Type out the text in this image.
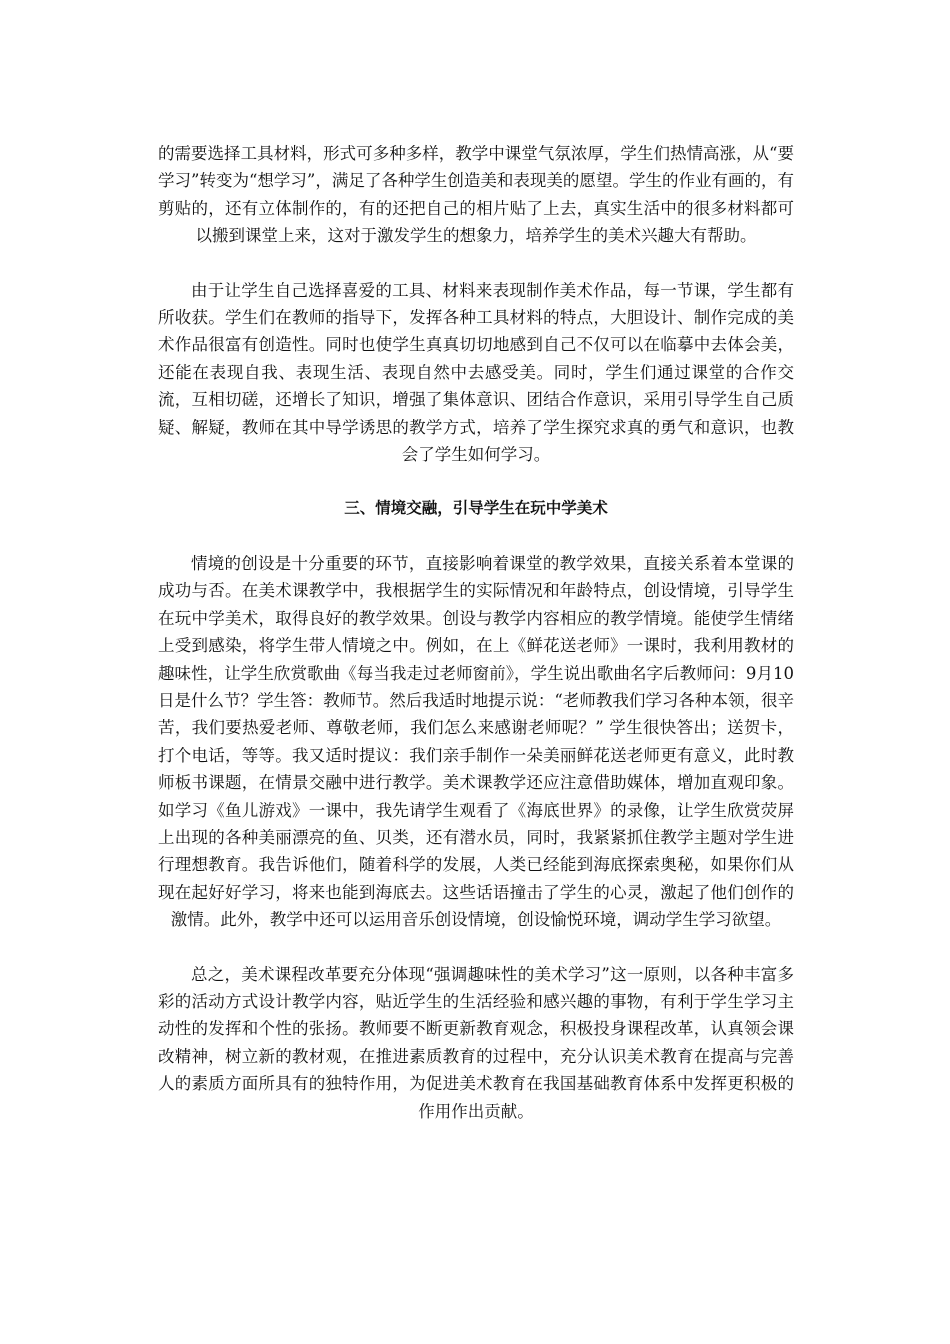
的需要选择工具材料，形式可多种多样，教学中课堂气氛浓厚，学生们热情高涨，从“要学习”转变为“想学习”，满足了各种学生创造美和表现美的愿望。学生的作业有画的，有剪贴的，还有立体制作的，有的还把自己的相片贴了上去，真实生活中的很多材料都可以搬到课堂上来，这对于激发学生的想象力，培养学生的美术兴趣大有帮助。

由于让学生自己选择喜爱的工具、材料来表现制作美术作品，每一节课，学生都有所收获。学生们在教师的指导下，发挥各种工具材料的特点，大胆设计、制作完成的美术作品很富有创造性。同时也使学生真真切切地感到自己不仅可以在临摹中去体会美，还能在表现自我、表现生活、表现自然中去感受美。同时，学生们通过课堂的合作交流，互相切磋，还增长了知识，增强了集体意识、团结合作意识，采用引导学生自己质疑、解疑，教师在其中导学诱思的教学方式，培养了学生探究求真的勇气和意识，也教会了学生如何学习。

三、情境交融，引导学生在玩中学美术

情境的创设是十分重要的环节，直接影响着课堂的教学效果，直接关系着本堂课的成功与否。在美术课教学中，我根据学生的实际情况和年龄特点，创设情境，引导学生在玩中学美术，取得良好的教学效果。创设与教学内容相应的教学情境。能使学生情绪上受到感染，将学生带人情境之中。例如，在上《鲜花送老师》一课时，我利用教材的趣味性，让学生欣赏歌曲《每当我走过老师窗前》，学生说出歌曲名字后教师问：9月10日是什么节？学生答：教师节。然后我适时地提示说：“老师教我们学习各种本领，很辛苦，我们要热爱老师、尊敬老师，我们怎么来感谢老师呢？” 学生很快答出；送贺卡，打个电话，等等。我又适时提议：我们亲手制作一朵美丽鲜花送老师更有意义，此时教师板书课题，在情景交融中进行教学。美术课教学还应注意借助媒体，增加直观印象。如学习《鱼儿游戏》一课中，我先请学生观看了《海底世界》的录像，让学生欣赏荧屏上出现的各种美丽漂亮的鱼、贝类，还有潜水员，同时，我紧紧抓住教学主题对学生进行理想教育。我告诉他们，随着科学的发展，人类已经能到海底探索奥秘，如果你们从现在起好好学习，将来也能到海底去。这些话语撞击了学生的心灵，激起了他们创作的激情。此外，教学中还可以运用音乐创设情境，创设愉悦环境，调动学生学习欲望。

总之，美术课程改革要充分体现“强调趣味性的美术学习”这一原则，以各种丰富多彩的活动方式设计教学内容，贴近学生的生活经验和感兴趣的事物，有利于学生学习主动性的发挥和个性的张扬。教师要不断更新教育观念，积极投身课程改革，认真领会课改精神，树立新的教材观，在推进素质教育的过程中，充分认识美术教育在提高与完善人的素质方面所具有的独特作用，为促进美术教育在我国基础教育体系中发挥更积极的作用作出贡献。
